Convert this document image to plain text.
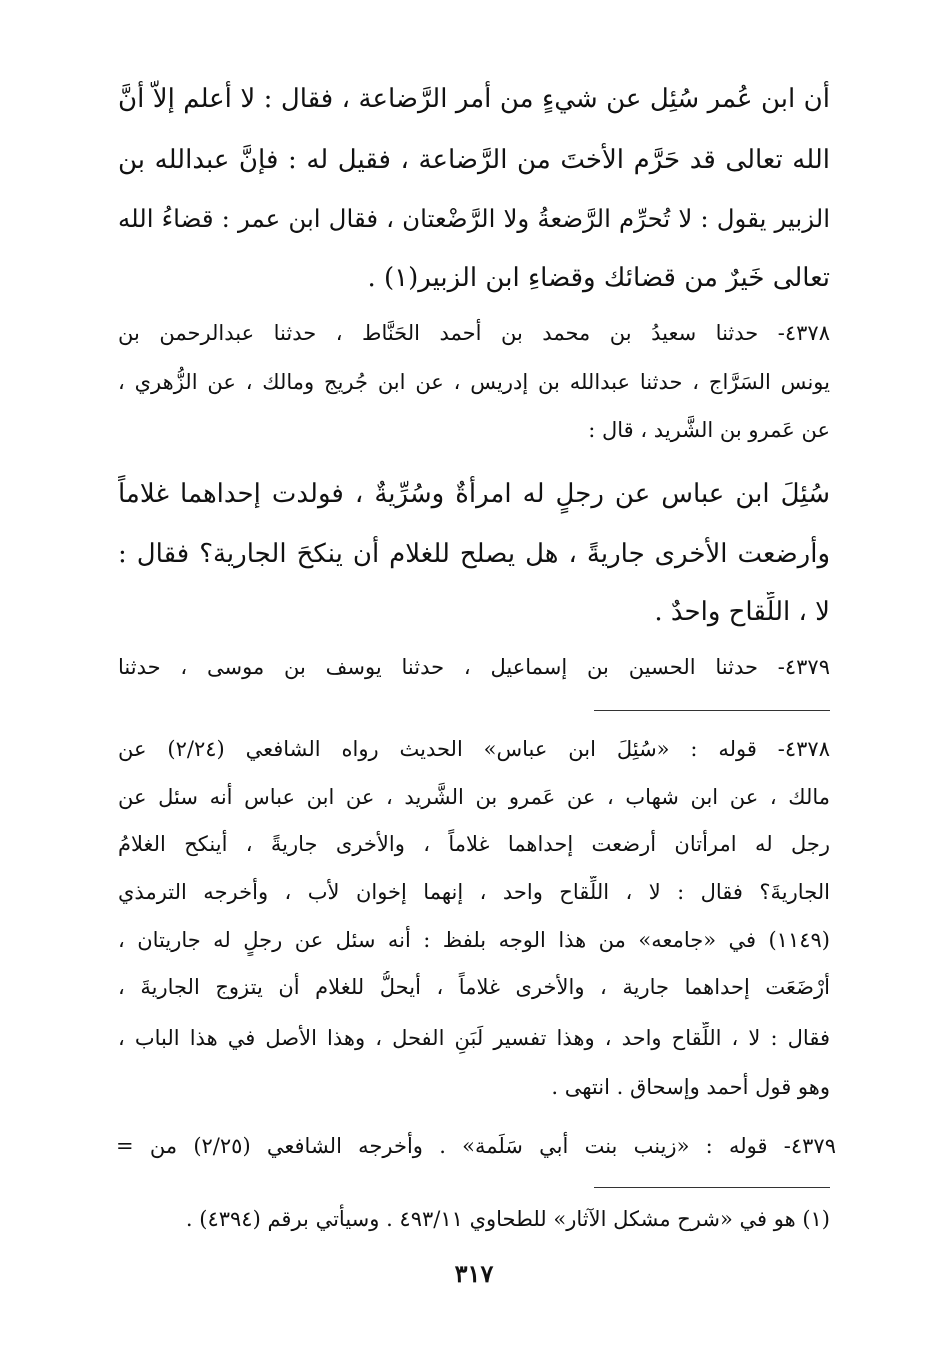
أن ابن عُمر سُئِل عن شيءٍ من أمر الرَّضاعة ، فقال : لا أعلم إلاّ أنَّ
الله تعالى قد حَرَّم الأختَ من الرَّضاعة ، فقيل له : فإنَّ عبدالله بن
الزبير يقول : لا تُحرِّم الرَّضعةُ ولا الرَّضْعتان ، فقال ابن عمر : قضاءُ الله
تعالى خَيرٌ من قضائك وقضاءِ ابن الزبير(١) .
٤٣٧٨- حدثنا سعيدُ بن محمد بن أحمد الحَنَّاط ، حدثنا عبدالرحمن بن
يونس السَرَّاج ، حدثنا عبدالله بن إدريس ، عن ابن جُريج ومالك ، عن الزُّهري ،
عن عَمرو بن الشَّريد ، قال :
سُئِلَ ابن عباس عن رجلٍ له امرأةٌ وسُرِّيةٌ ، فولدت إحداهما غلاماً
وأرضعت الأخرى جاريةً ، هل يصلح للغلام أن ينكحَ الجارية؟ فقال :
لا ، اللِّقاح واحدٌ .
٤٣٧٩- حدثنا الحسين بن إسماعيل ، حدثنا يوسف بن موسى ، حدثنا
٤٣٧٨- قوله : «سُئِلَ ابن عباس» الحديث رواه الشافعي (٢/٢٤) عن
مالك ، عن ابن شهاب ، عن عَمرو بن الشَّريد ، عن ابن عباس أنه سئل عن
رجل له امرأتان أرضعت إحداهما غلاماً ، والأخرى جاريةً ، أينكح الغلامُ
الجاريةَ؟ فقال : لا ، اللِّقاح واحد ، إنهما إخوان لأب ، وأخرجه الترمذي
(١١٤٩) في «جامعه» من هذا الوجه بلفظ : أنه سئل عن رجلٍ له جاريتان ،
أرْضَعَت إحداهما جارية ، والأخرى غلاماً ، أيحلُّ للغلام أن يتزوج الجاريةَ ،
فقال : لا ، اللِّقاح واحد ، وهذا تفسير لَبَنِ الفحل ، وهذا الأصل في هذا الباب ،
وهو قول أحمد وإسحاق . انتهى .
٤٣٧٩- قوله : «زينب بنت أبي سَلَمة» . وأخرجه الشافعي (٢/٢٥) من =
(١) هو في «شرح مشكل الآثار» للطحاوي ٤٩٣/١١ . وسيأتي برقم (٤٣٩٤) .
٣١٧
